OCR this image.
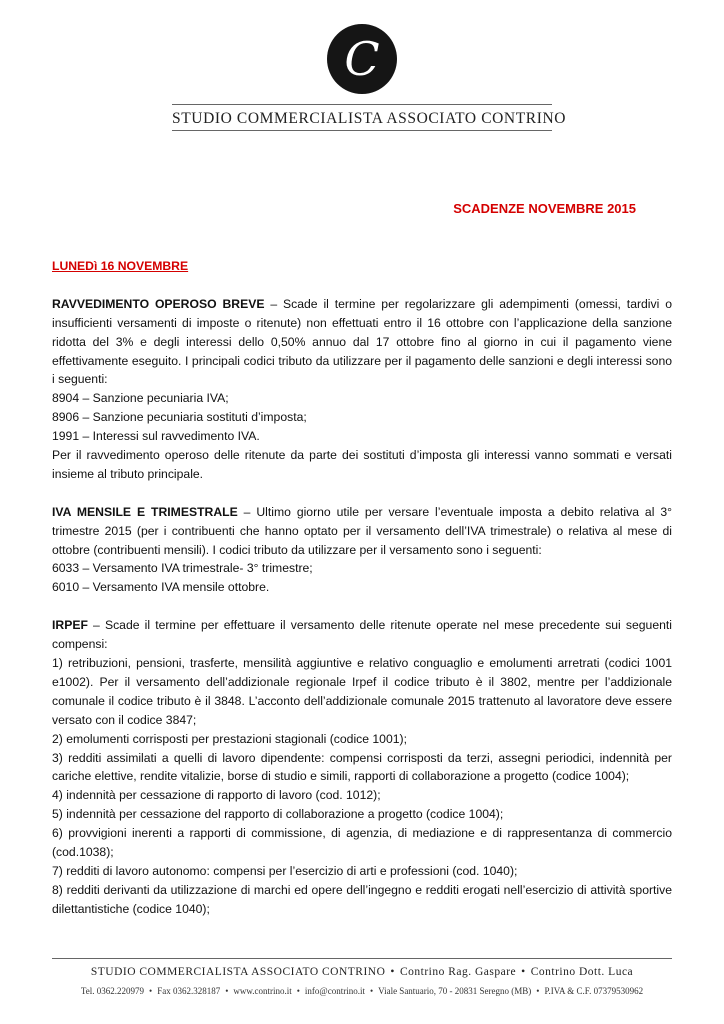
C
STUDIO COMMERCIALISTA ASSOCIATO CONTRINO
SCADENZE NOVEMBRE 2015

LUNEDì 16 NOVEMBRE

RAVVEDIMENTO OPEROSO BREVE – Scade il termine per regolarizzare gli adempimenti (omessi, tardivi o insufficienti versamenti di imposte o ritenute) non effettuati entro il 16 ottobre con l’applicazione della sanzione ridotta del 3% e degli interessi dello 0,50% annuo dal 17 ottobre fino al giorno in cui il pagamento viene effettivamente eseguito. I principali codici tributo da utilizzare per il pagamento delle sanzioni e degli interessi sono i seguenti:

8904 – Sanzione pecuniaria IVA;

8906 – Sanzione pecuniaria sostituti d’imposta;

1991 – Interessi sul ravvedimento IVA.

Per il ravvedimento operoso delle ritenute da parte dei sostituti d’imposta gli interessi vanno sommati e versati insieme al tributo principale.

IVA MENSILE E TRIMESTRALE – Ultimo giorno utile per versare l’eventuale imposta a debito relativa al 3° trimestre 2015 (per i contribuenti che hanno optato per il versamento dell’IVA trimestrale) o relativa al mese di ottobre (contribuenti mensili). I codici tributo da utilizzare per il versamento sono i seguenti:

6033 – Versamento IVA trimestrale- 3° trimestre;

6010 – Versamento IVA mensile ottobre.

IRPEF – Scade il termine per effettuare il versamento delle ritenute operate nel mese precedente sui seguenti compensi:

1) retribuzioni, pensioni, trasferte, mensilità aggiuntive e relativo conguaglio e emolumenti arretrati (codici 1001 e1002). Per il versamento dell’addizionale regionale Irpef il codice tributo è il 3802, mentre per l’addizionale comunale il codice tributo è il 3848. L’acconto dell’addizionale comunale 2015 trattenuto al lavoratore deve essere versato con il codice 3847;

2) emolumenti corrisposti per prestazioni stagionali (codice 1001);

3) redditi assimilati a quelli di lavoro dipendente: compensi corrisposti da terzi, assegni periodici, indennità per cariche elettive, rendite vitalizie, borse di studio e simili, rapporti di collaborazione a progetto (codice 1004);

4) indennità per cessazione di rapporto di lavoro (cod. 1012);

5) indennità per cessazione del rapporto di collaborazione a progetto (codice 1004);

6) provvigioni inerenti a rapporti di commissione, di agenzia, di mediazione e di rappresentanza di commercio (cod.1038);

7) redditi di lavoro autonomo: compensi per l’esercizio di arti e professioni (cod. 1040);

8) redditi derivanti da utilizzazione di marchi ed opere dell’ingegno e redditi erogati nell’esercizio di attività sportive dilettantistiche (codice 1040);

STUDIO COMMERCIALISTA ASSOCIATO CONTRINO • Contrino Rag. Gaspare • Contrino Dott. Luca
Tel. 0362.220979 • Fax 0362.328187 • www.contrino.it • info@contrino.it • Viale Santuario, 70 - 20831 Seregno (MB) • P.IVA & C.F. 07379530962
